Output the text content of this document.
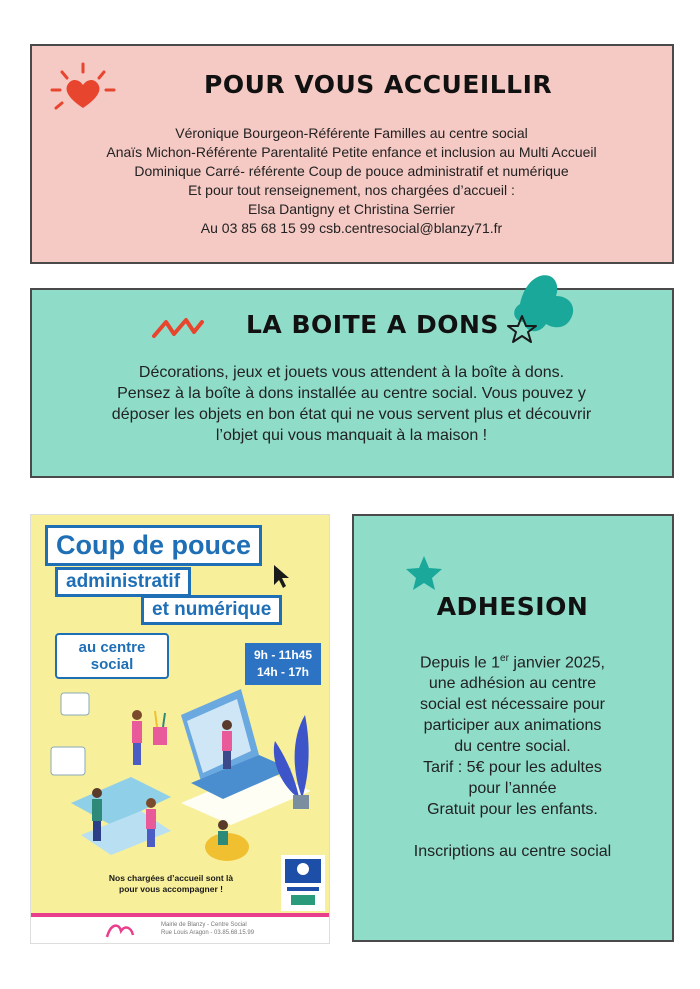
POUR VOUS ACCUEILLIR
Véronique Bourgeon-Référente Familles au centre social
Anaïs Michon-Référente Parentalité Petite enfance et inclusion au Multi Accueil
Dominique Carré- référente Coup de pouce administratif et numérique
Et pour tout renseignement, nos chargées d’accueil :
Elsa Dantigny et Christina Serrier
Au 03 85 68 15 99 csb.centresocial@blanzy71.fr
LA BOITE A DONS
Décorations, jeux et jouets vous attendent à la boîte à dons.
Pensez à la boîte à dons installée au centre social. Vous pouvez y
déposer les objets en bon état qui ne vous servent plus et découvrir
l’objet qui vous manquait à la maison !
Coup de pouce
administratif
et numérique
au centre
social
9h - 11h45
14h - 17h
Nos chargées d’accueil sont là
pour vous accompagner !
Mairie de Blanzy - Centre Social
Rue Louis Aragon - 03.85.68.15.99
ADHESION
Depuis le 1er janvier 2025,
une adhésion au centre
social est nécessaire pour
participer aux animations
du centre social.
Tarif : 5€ pour les adultes
pour l’année
Gratuit pour les enfants.
Inscriptions au centre social
